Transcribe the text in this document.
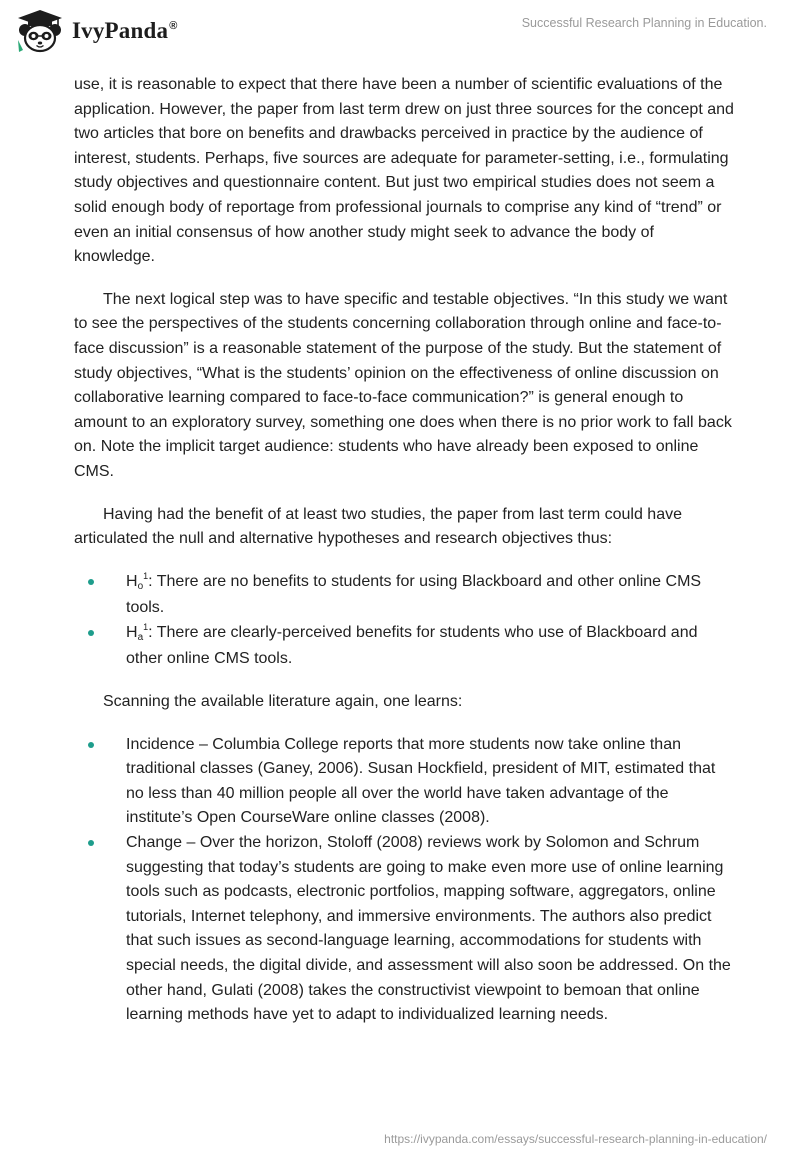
IvyPanda®	Successful Research Planning in Education.

use, it is reasonable to expect that there have been a number of scientific evaluations of the application. However, the paper from last term drew on just three sources for the concept and two articles that bore on benefits and drawbacks perceived in practice by the audience of interest, students. Perhaps, five sources are adequate for parameter-setting, i.e., formulating study objectives and questionnaire content. But just two empirical studies does not seem a solid enough body of reportage from professional journals to comprise any kind of “trend” or even an initial consensus of how another study might seek to advance the body of knowledge.

The next logical step was to have specific and testable objectives. “In this study we want to see the perspectives of the students concerning collaboration through online and face-to-face discussion” is a reasonable statement of the purpose of the study. But the statement of study objectives, “What is the students’ opinion on the effectiveness of online discussion on collaborative learning compared to face-to-face communication?” is general enough to amount to an exploratory survey, something one does when there is no prior work to fall back on. Note the implicit target audience: students who have already been exposed to online CMS.

Having had the benefit of at least two studies, the paper from last term could have articulated the null and alternative hypotheses and research objectives thus:

Ho$^1$: There are no benefits to students for using Blackboard and other online CMS tools.
Ha$^1$: There are clearly-perceived benefits for students who use of Blackboard and other online CMS tools.

Scanning the available literature again, one learns:

Incidence – Columbia College reports that more students now take online than traditional classes (Ganey, 2006). Susan Hockfield, president of MIT, estimated that no less than 40 million people all over the world have taken advantage of the institute’s Open CourseWare online classes (2008).
Change – Over the horizon, Stoloff (2008) reviews work by Solomon and Schrum suggesting that today’s students are going to make even more use of online learning tools such as podcasts, electronic portfolios, mapping software, aggregators, online tutorials, Internet telephony, and immersive environments. The authors also predict that such issues as second-language learning, accommodations for students with special needs, the digital divide, and assessment will also soon be addressed. On the other hand, Gulati (2008) takes the constructivist viewpoint to bemoan that online learning methods have yet to adapt to individualized learning needs.
https://ivypanda.com/essays/successful-research-planning-in-education/
